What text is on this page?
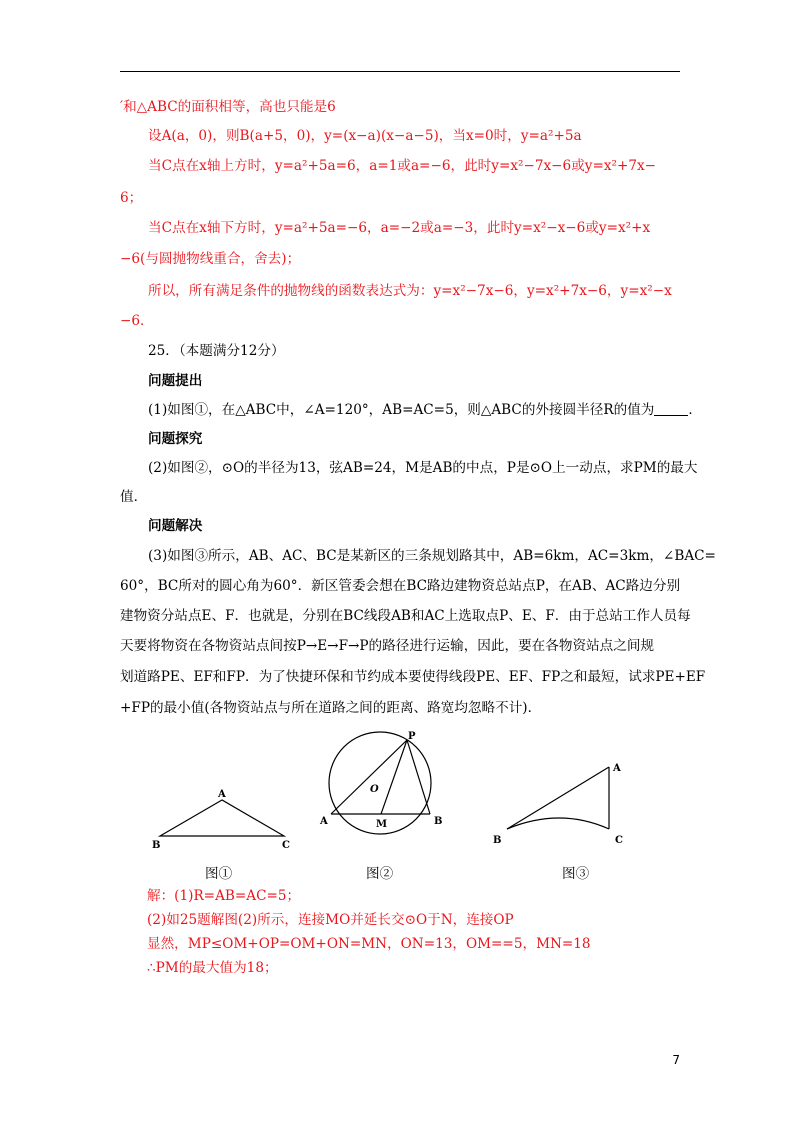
′和△ABC的面积相等，高也只能是6
设A(a，0)，则B(a+5，0)，y=(x−a)(x−a−5)，当x=0时，y=a²+5a
当C点在x轴上方时，y=a²+5a=6，a=1或a=−6，此时y=x²−7x−6或y=x²+7x−
6；
当C点在x轴下方时，y=a²+5a=−6，a=−2或a=−3，此时y=x²−x−6或y=x²+x
−6(与圆抛物线重合，舍去)；
所以，所有满足条件的抛物线的函数表达式为：y=x²−7x−6，y=x²+7x−6，y=x²−x
−6．
25．（本题满分12分）
问题提出
(1)如图①，在△ABC中，∠A=120°，AB=AC=5，则△ABC的外接圆半径R的值为	．
问题探究
(2)如图②，⊙O的半径为13，弦AB=24，M是AB的中点，P是⊙O上一动点，求PM的最大
值．
问题解决
(3)如图③所示，AB、AC、BC是某新区的三条规划路其中，AB=6km，AC=3km，∠BAC=
60°，BC所对的圆心角为60°．新区管委会想在BC路边建物资总站点P，在AB、AC路边分别
建物资分站点E、F．也就是，分别在BC线段AB和AC上选取点P、E、F．由于总站工作人员每
天要将物资在各物资站点间按P→E→F→P的路径进行运输，因此，要在各物资站点之间规
划道路PE、EF和FP．为了快捷环保和节约成本要使得线段PE、EF、FP之和最短，试求PE+EF
+FP的最小值(各物资站点与所在道路之间的距离、路宽均忽略不计)．
A
B	C
图①
P
O
A	M	B
图②
A
B	C
图③
解：(1)R=AB=AC=5；
(2)如25题解图(2)所示，连接MO并延长交⊙O于N，连接OP
显然，MP≤OM+OP=OM+ON=MN，ON=13，OM==5，MN=18
∴PM的最大值为18；
7
